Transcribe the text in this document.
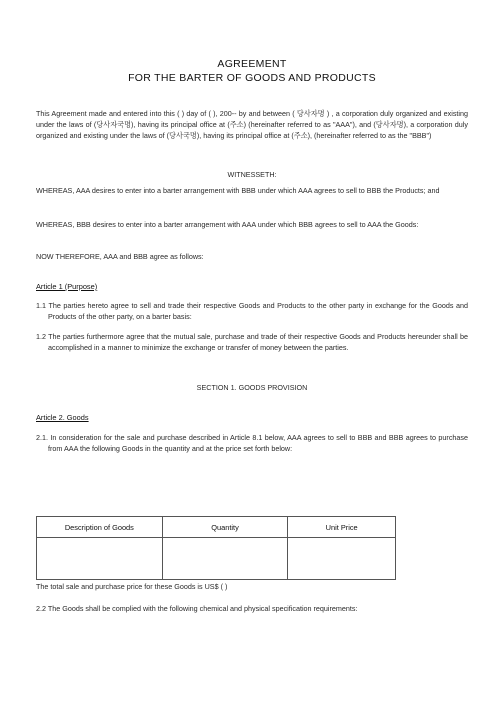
AGREEMENT
FOR THE BARTER OF GOODS AND PRODUCTS
This Agreement made and entered into this ( ) day of ( ), 200-- by and between ( 당사자명 ) , a corporation duly organized and existing under the laws of (당사자국명), having its principal office at (주소) (hereinafter referred to as "AAA"), and (당사자명), a corporation duly organized and existing under the laws of (당사국명), having its principal office at (주소), (hereinafter referred to as the "BBB")
WITNESSETH:
WHEREAS, AAA desires to enter into a barter arrangement with BBB under which AAA agrees to sell to BBB the Products; and
WHEREAS, BBB desires to enter into a barter arrangement with AAA under which BBB agrees to sell to AAA the Goods:
NOW THEREFORE, AAA and BBB agree as follows:
Article 1 (Purpose)
1.1 The parties hereto agree to sell and trade their respective Goods and Products to the other party in exchange for the Goods and Products of the other party, on a barter basis:
1.2 The parties furthermore agree that the mutual sale, purchase and trade of their respective Goods and Products hereunder shall be accomplished in a manner to minimize the exchange or transfer of money between the parties.
SECTION 1. GOODS PROVISION
Article 2. Goods
2.1. In consideration for the sale and purchase described in Article 8.1 below, AAA agrees to sell to BBB and BBB agrees to purchase from AAA the following Goods in the quantity and at the price set forth below:
Description of Goods	Quantity	Unit Price

The total sale and purchase price for these Goods is US$ ( )
2.2 The Goods shall be complied with the following chemical and physical specification requirements:
